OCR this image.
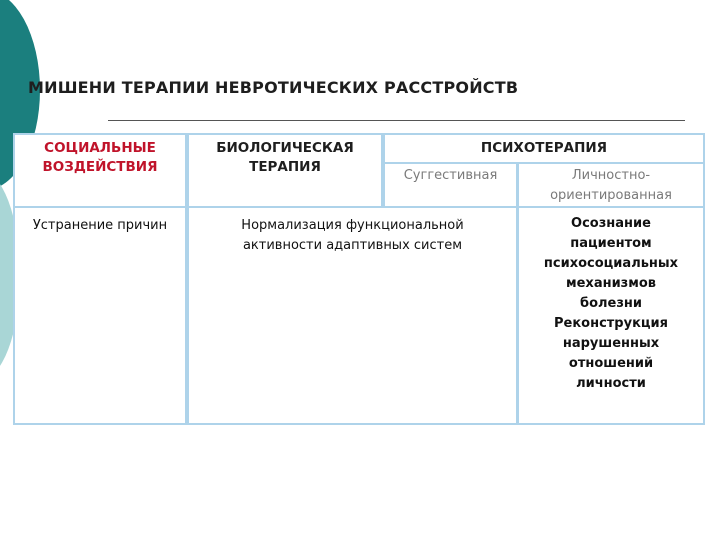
МИШЕНИ ТЕРАПИИ НЕВРОТИЧЕСКИХ РАССТРОЙСТВ
СОЦИАЛЬНЫЕ ВОЗДЕЙСТВИЯ
БИОЛОГИЧЕСКАЯ ТЕРАПИЯ
ПСИХОТЕРАПИЯ
Суггестивная	Личностно-ориентированная
Устранение причин	Нормализация функциональной активности адаптивных систем
Осознание пациентом психосоциальных механизмов болезни
Реконструкция нарушенных отношений личности
